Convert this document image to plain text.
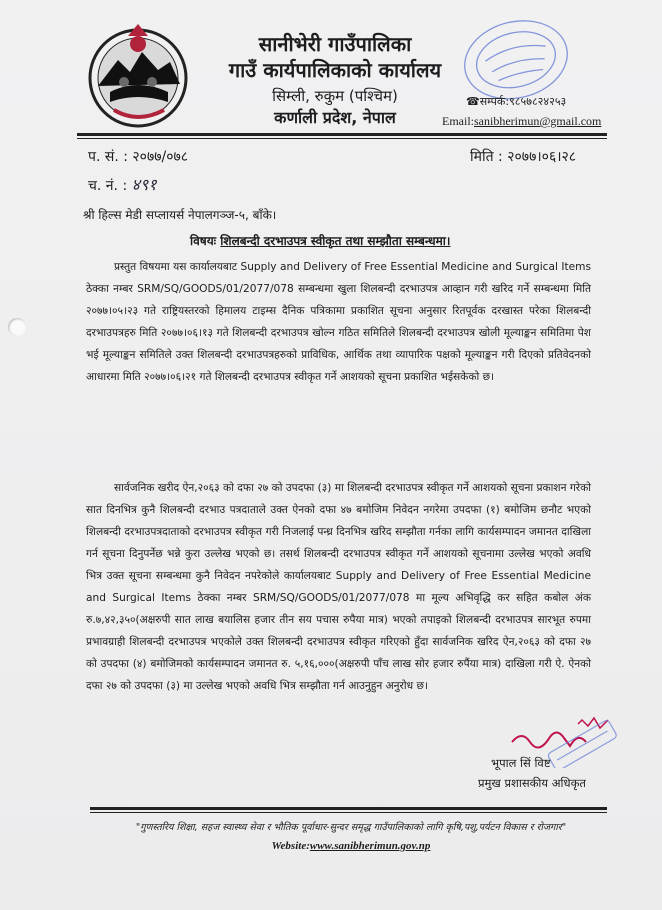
सानीभेरी गाउँपालिका
गाउँ कार्यपालिकाको कार्यालय
सिम्ली, रुकुम (पश्चिम)
कर्णाली प्रदेश, नेपाल
☎सम्पर्क:९८५७८२४२५३
Email:sanibherimun@gmail.com
प. सं. : २०७७/०७८	मिति : २०७७।०६।२८
च. नं. : ४९१
श्री हिल्स मेडी सप्लायर्स नेपालगञ्ज-५, बाँके।
विषयः शिलबन्दी दरभाउपत्र स्वीकृत तथा सम्झौता सम्बन्धमा।
प्रस्तुत विषयमा यस कार्यालयबाट Supply and Delivery of Free Essential Medicine and Surgical Items ठेक्का नम्बर SRM/SQ/GOODS/01/2077/078 सम्बन्धमा खुला शिलबन्दी दरभाउपत्र आव्हान गरी खरिद गर्ने सम्बन्धमा मिति २०७७।०५।२३ गते राष्ट्रियस्तरको हिमालय टाइम्स दैनिक पत्रिकामा प्रकाशित सूचना अनुसार रितपूर्वक दरखास्त परेका शिलबन्दी दरभाउपत्रहरु मिति २०७७।०६।१३ गते शिलबन्दी दरभाउपत्र खोल्न गठित समितिले शिलबन्दी दरभाउपत्र खोली मूल्याङ्कन समितिमा पेश भई मूल्याङ्कन समितिले उक्त शिलबन्दी दरभाउपत्रहरुको प्राविधिक, आर्थिक तथा व्यापारिक पक्षको मूल्याङ्कन गरी दिएको प्रतिवेदनको आधारमा मिति २०७७।०६।२१ गते शिलबन्दी दरभाउपत्र स्वीकृत गर्ने आशयको सूचना प्रकाशित भईसकेको छ।
सार्वजनिक खरीद ऐन,२०६३ को दफा २७ को उपदफा (३) मा शिलबन्दी दरभाउपत्र स्वीकृत गर्ने आशयको सूचना प्रकाशन गरेको सात दिनभित्र कुनै शिलबन्दी दरभाउ पत्रदाताले उक्त ऐनको दफा ४७ बमोजिम निवेदन नगरेमा उपदफा (१) बमोजिम छनौट भएको शिलबन्दी दरभाउपत्रदाताको दरभाउपत्र स्वीकृत गरी निजलाई पन्ध्र दिनभित्र खरिद सम्झौता गर्नका लागि कार्यसम्पादन जमानत दाखिला गर्न सूचना दिनुपर्नेछ भन्ने कुरा उल्लेख भएको छ। तसर्थ शिलबन्दी दरभाउपत्र स्वीकृत गर्ने आशयको सूचनामा उल्लेख भएको अवधि भित्र उक्त सूचना सम्बन्धमा कुनै निवेदन नपरेकोले कार्यालयबाट Supply and Delivery of Free Essential Medicine and Surgical Items ठेक्का नम्बर SRM/SQ/GOODS/01/2077/078 मा मूल्य अभिवृद्धि कर सहित कबोल अंक रु.७,४२,३५०(अक्षरुपी सात लाख बयालिस हजार तीन सय पचास रुपैया मात्र) भएको तपाइको शिलबन्दी दरभाउपत्र सारभूत रुपमा प्रभावग्राही शिलबन्दी दरभाउपत्र भएकोले उक्त शिलबन्दी दरभाउपत्र स्वीकृत गरिएको हुँदा सार्वजनिक खरिद ऐन,२०६३ को दफा २७ को उपदफा (४) बमोजिमको कार्यसम्पादन जमानत रु. ५,१६,०००(अक्षरुपी पाँच लाख सोर हजार रुपैंया मात्र) दाखिला गरी ऐ. ऐनको दफा २७ को उपदफा (३) मा उल्लेख भएको अवधि भित्र सम्झौता गर्न आउनुहुन अनुरोध छ।
भूपाल सिं विष्ट
प्रमुख प्रशासकीय अधिकृत
"गुणस्तरिय शिक्षा, सहज स्वास्थ्य सेवा र भौतिक पूर्वाधार-सुन्दर समृद्ध गाउँपालिकाको लागि कृषि,पशु,पर्यटन विकास र रोजगार"
Website:www.sanibherimun.gov.np
